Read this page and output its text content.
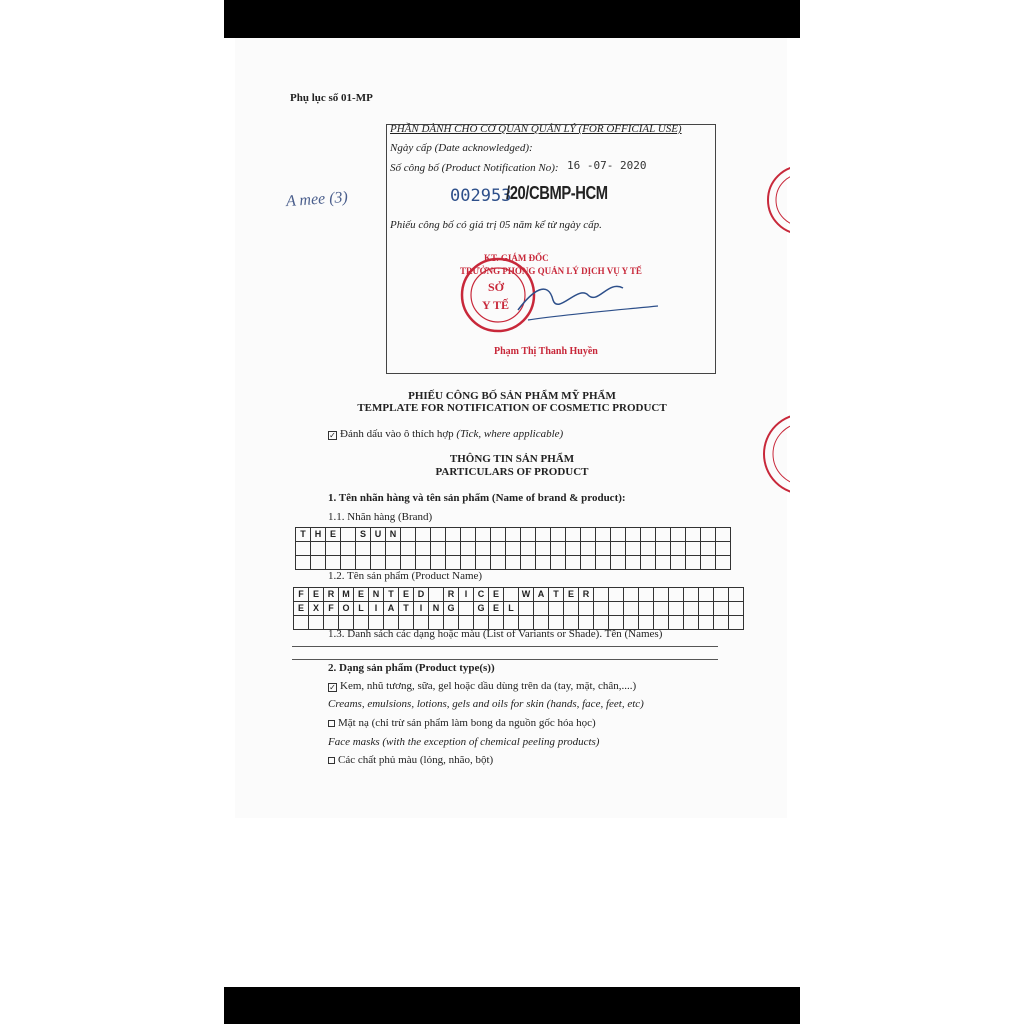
Phụ lục số 01-MP
A mee (3)
PHẦN DÀNH CHO CƠ QUAN QUẢN LÝ (FOR OFFICIAL USE)
Ngày cấp (Date acknowledged):
Số công bố (Product Notification No): 16 -07- 2020
002953
/20/CBMP-HCM
Phiếu công bố có giá trị 05 năm kể từ ngày cấp.
KT. GIÁM ĐỐC
TRƯỞNG PHÒNG QUẢN LÝ DỊCH VỤ Y TẾ
SỞ
Y TẾ
Phạm Thị Thanh Huyền
PHIẾU CÔNG BỐ SẢN PHẨM MỸ PHẨM
TEMPLATE FOR NOTIFICATION OF COSMETIC PRODUCT
✓ Đánh dấu vào ô thích hợp (Tick, where applicable)
THÔNG TIN SẢN PHẨM
PARTICULARS OF PRODUCT
1. Tên nhãn hàng và tên sản phẩm (Name of brand & product):
1.1. Nhãn hàng (Brand)
T	H	E		S	U	N																						

1.2. Tên sản phẩm (Product Name)
F	E	R	M	E	N	T	E	D		R	I	C	E		W	A	T	E	R										
E	X	F	O	L	I	A	T	I	N	G		G	E	L															

1.3. Danh sách các dạng hoặc màu (List of Variants or Shade). Tên (Names)
2. Dạng sản phẩm (Product type(s))
✓ Kem, nhũ tương, sữa, gel hoặc dầu dùng trên da (tay, mặt, chân,....)
Creams, emulsions, lotions, gels and oils for skin (hands, face, feet, etc)
Mặt nạ (chỉ trừ sản phẩm làm bong da nguồn gốc hóa học)
Face masks (with the exception of chemical peeling products)
Các chất phủ màu (lỏng, nhão, bột)
